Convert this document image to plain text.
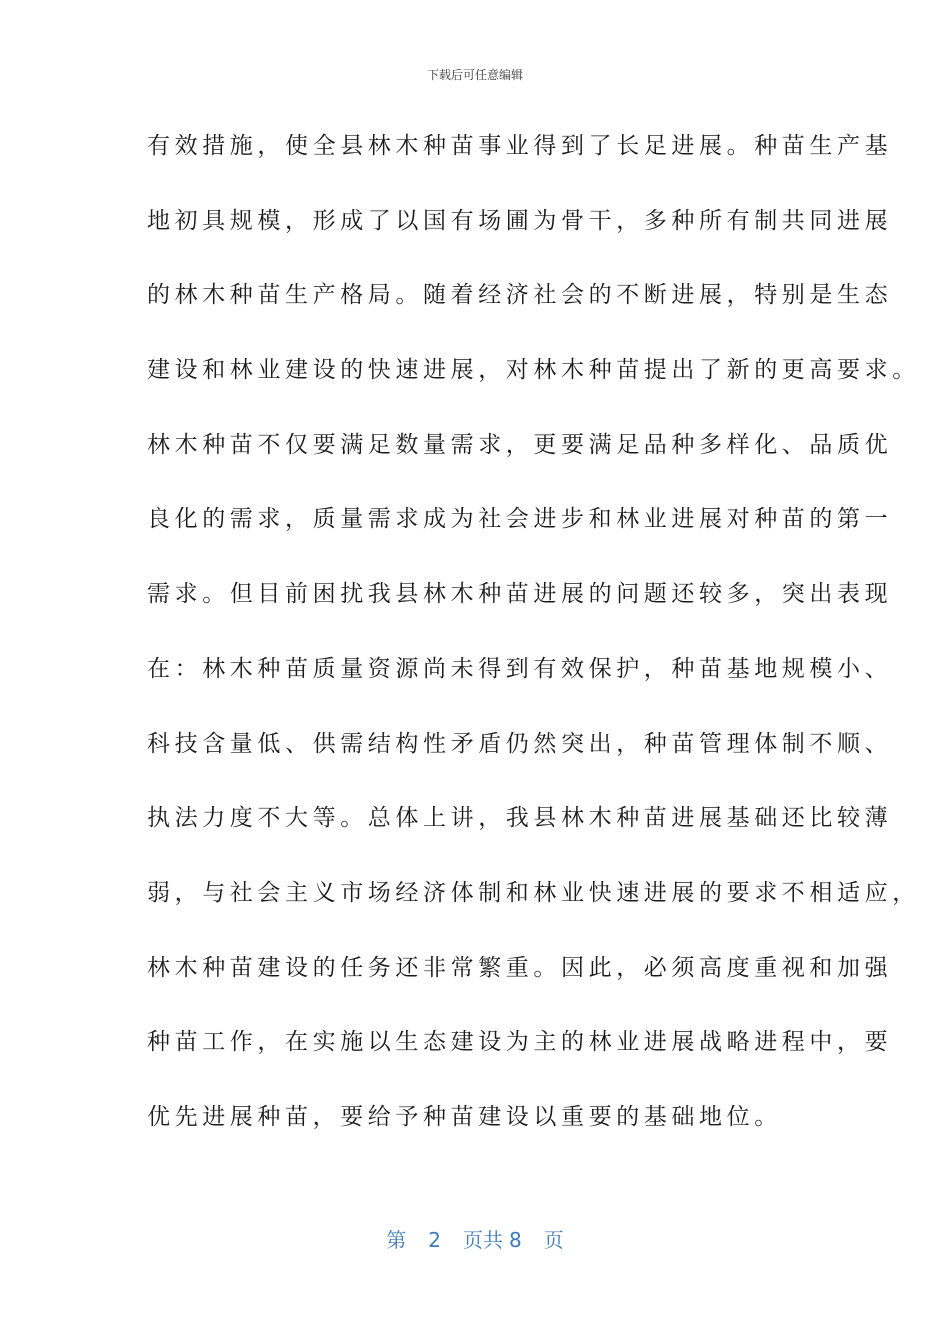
下载后可任意编辑
有效措施，使全县林木种苗事业得到了长足进展。种苗生产基
地初具规模，形成了以国有场圃为骨干，多种所有制共同进展
的林木种苗生产格局。随着经济社会的不断进展，特别是生态
建设和林业建设的快速进展，对林木种苗提出了新的更高要求。
林木种苗不仅要满足数量需求，更要满足品种多样化、品质优
良化的需求，质量需求成为社会进步和林业进展对种苗的第一
需求。但目前困扰我县林木种苗进展的问题还较多，突出表现
在：林木种苗质量资源尚未得到有效保护，种苗基地规模小、
科技含量低、供需结构性矛盾仍然突出，种苗管理体制不顺、
执法力度不大等。总体上讲，我县林木种苗进展基础还比较薄
弱，与社会主义市场经济体制和林业快速进展的要求不相适应，
林木种苗建设的任务还非常繁重。因此，必须高度重视和加强
种苗工作，在实施以生态建设为主的林业进展战略进程中，要
优先进展种苗，要给予种苗建设以重要的基础地位。
第 2 页共 8 页
